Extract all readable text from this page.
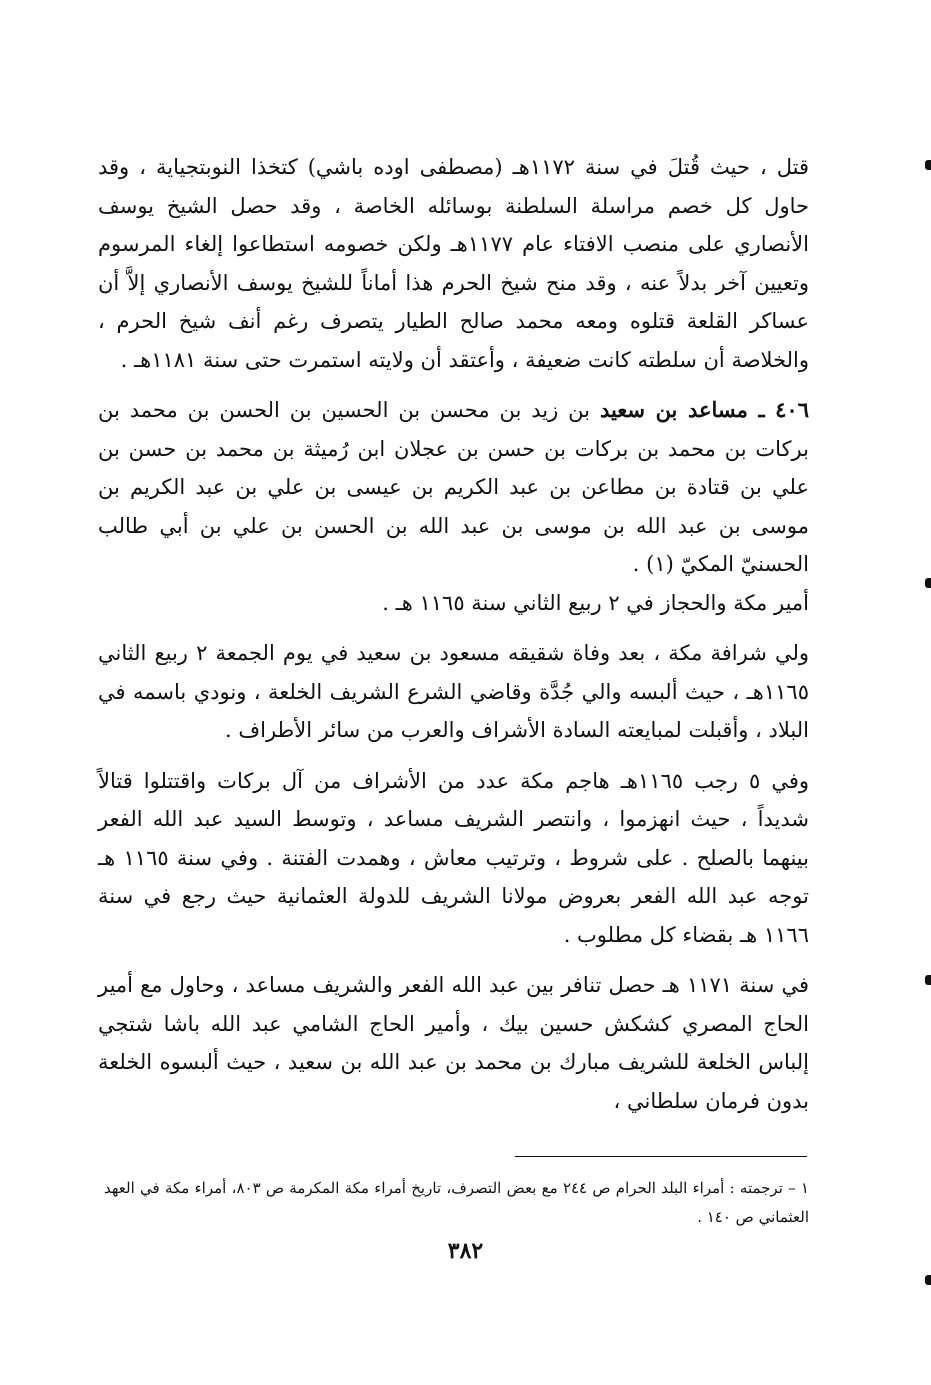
قتل ، حيث قُتلَ في سنة ١١٧٢هـ (مصطفى اوده باشي) كتخذا النوبتجياية ، وقد حاول كل خصم مراسلة السلطنة بوسائله الخاصة ، وقد حصل الشيخ يوسف الأنصاري على منصب الافتاء عام ١١٧٧هـ ولكن خصومه استطاعوا إلغاء المرسوم وتعيين آخر بدلاً عنه ، وقد منح شيخ الحرم هذا أماناً للشيخ يوسف الأنصاري إلاَّ أن عساكر القلعة قتلوه ومعه محمد صالح الطيار يتصرف رغم أنف شيخ الحرم ، والخلاصة أن سلطته كانت ضعيفة ، وأعتقد أن ولايته استمرت حتى سنة ١١٨١هـ .

٤٠٦ ـ مساعد بن سعيد بن زيد بن محسن بن الحسين بن الحسن بن محمد بن بركات بن محمد بن بركات بن حسن بن عجلان ابن رُميثة بن محمد بن حسن بن علي بن قتادة بن مطاعن بن عبد الكريم بن عيسى بن علي بن عبد الكريم بن موسى بن عبد الله بن موسى بن عبد الله بن الحسن بن علي بن أبي طالب الحسنيّ المكيّ (١) .

أمير مكة والحجاز في ٢ ربيع الثاني سنة ١١٦٥ هـ .

ولي شرافة مكة ، بعد وفاة شقيقه مسعود بن سعيد في يوم الجمعة ٢ ربيع الثاني ١١٦٥هـ ، حيث ألبسه والي جُدَّة وقاضي الشرع الشريف الخلعة ، ونودي باسمه في البلاد ، وأقبلت لمبايعته السادة الأشراف والعرب من سائر الأطراف .

وفي ٥ رجب ١١٦٥هـ هاجم مكة عدد من الأشراف من آل بركات واقتتلوا قتالاً شديداً ، حيث انهزموا ، وانتصر الشريف مساعد ، وتوسط السيد عبد الله الفعر بينهما بالصلح . على شروط ، وترتيب معاش ، وهمدت الفتنة . وفي سنة ١١٦٥ هـ توجه عبد الله الفعر بعروض مولانا الشريف للدولة العثمانية حيث رجع في سنة ١١٦٦ هـ بقضاء كل مطلوب .

في سنة ١١٧١ هـ حصل تنافر بين عبد الله الفعر والشريف مساعد ، وحاول مع أمير الحاج المصري كشكش حسين بيك ، وأمير الحاج الشامي عبد الله باشا شتجي إلباس الخلعة للشريف مبارك بن محمد بن عبد الله بن سعيد ، حيث ألبسوه الخلعة بدون فرمان سلطاني ،

١ – ترجمته : أمراء البلد الحرام ص ٢٤٤ مع بعض التصرف، تاريخ أمراء مكة المكرمة ص ٨٠٣، أمراء مكة في العهد العثماني ص ١٤٠ .
٣٨٢
